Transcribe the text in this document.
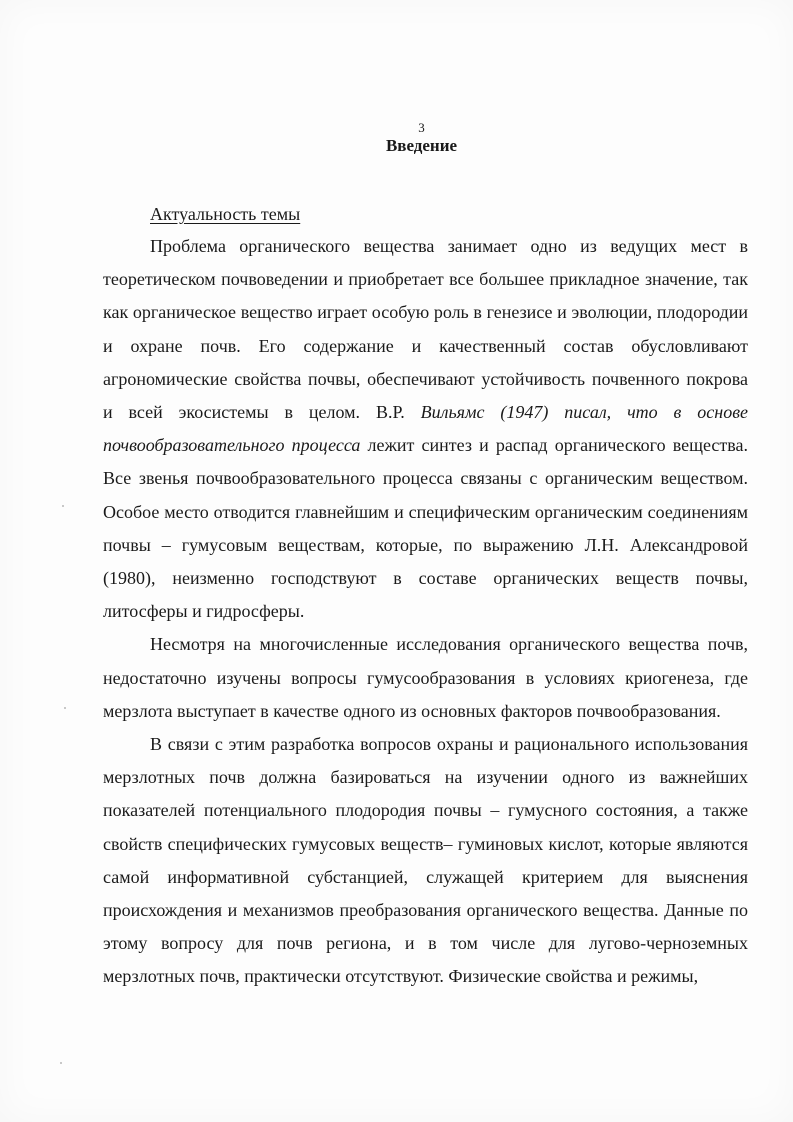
3
Введение
Актуальность темы

Проблема органического вещества занимает одно из ведущих мест в теоретическом почвоведении и приобретает все большее прикладное значение, так как органическое вещество играет особую роль в генезисе и эволюции, плодородии и охране почв. Его содержание и качественный состав обусловливают агрономические свойства почвы, обеспечивают устойчивость почвенного покрова и всей экосистемы в целом. В.Р. Вильямс (1947) писал, что в основе почвообразовательного процесса лежит синтез и распад органического вещества. Все звенья почвообразовательного процесса связаны с органическим веществом. Особое место отводится главнейшим и специфическим органическим соединениям почвы – гумусовым веществам, которые, по выражению Л.Н. Александровой (1980), неизменно господствуют в составе органических веществ почвы, литосферы и гидросферы.

Несмотря на многочисленные исследования органического вещества почв, недостаточно изучены вопросы гумусообразования в условиях криогенеза, где мерзлота выступает в качестве одного из основных факторов почвообразования.

В связи с этим разработка вопросов охраны и рационального использования мерзлотных почв должна базироваться на изучении одного из важнейших показателей потенциального плодородия почвы – гумусного состояния, а также свойств специфических гумусовых веществ– гуминовых кислот, которые являются самой информативной субстанцией, служащей критерием для выяснения происхождения и механизмов преобразования органического вещества. Данные по этому вопросу для почв региона, и в том числе для лугово-черноземных мерзлотных почв, практически отсутствуют. Физические свойства и режимы,
